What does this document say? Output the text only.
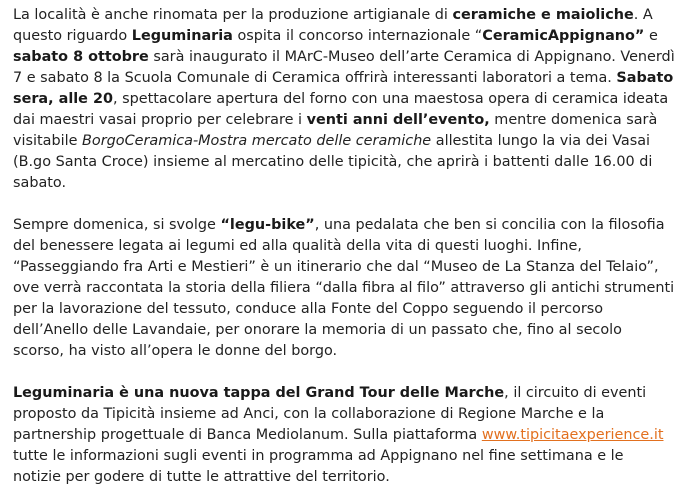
La località è anche rinomata per la produzione artigianale di ceramiche e maioliche. A
questo riguardo Leguminaria ospita il concorso internazionale “CeramicAppignano” e
sabato 8 ottobre sarà inaugurato il MArC-Museo dell’arte Ceramica di Appignano. Venerdì
7 e sabato 8 la Scuola Comunale di Ceramica offrirà interessanti laboratori a tema. Sabato
sera, alle 20, spettacolare apertura del forno con una maestosa opera di ceramica ideata
dai maestri vasai proprio per celebrare i venti anni dell’evento, mentre domenica sarà
visitabile BorgoCeramica-Mostra mercato delle ceramiche allestita lungo la via dei Vasai
(B.go Santa Croce) insieme al mercatino delle tipicità, che aprirà i battenti dalle 16.00 di
sabato.

Sempre domenica, si svolge “legu-bike”, una pedalata che ben si concilia con la filosofia
del benessere legata ai legumi ed alla qualità della vita di questi luoghi. Infine,
“Passeggiando fra Arti e Mestieri” è un itinerario che dal “Museo de La Stanza del Telaio”,
ove verrà raccontata la storia della filiera “dalla fibra al filo” attraverso gli antichi strumenti
per la lavorazione del tessuto, conduce alla Fonte del Coppo seguendo il percorso
dell’Anello delle Lavandaie, per onorare la memoria di un passato che, fino al secolo
scorso, ha visto all’opera le donne del borgo.

Leguminaria è una nuova tappa del Grand Tour delle Marche, il circuito di eventi
proposto da Tipicità insieme ad Anci, con la collaborazione di Regione Marche e la
partnership progettuale di Banca Mediolanum. Sulla piattaforma www.tipicitaexperience.it
tutte le informazioni sugli eventi in programma ad Appignano nel fine settimana e le
notizie per godere di tutte le attrattive del territorio.
